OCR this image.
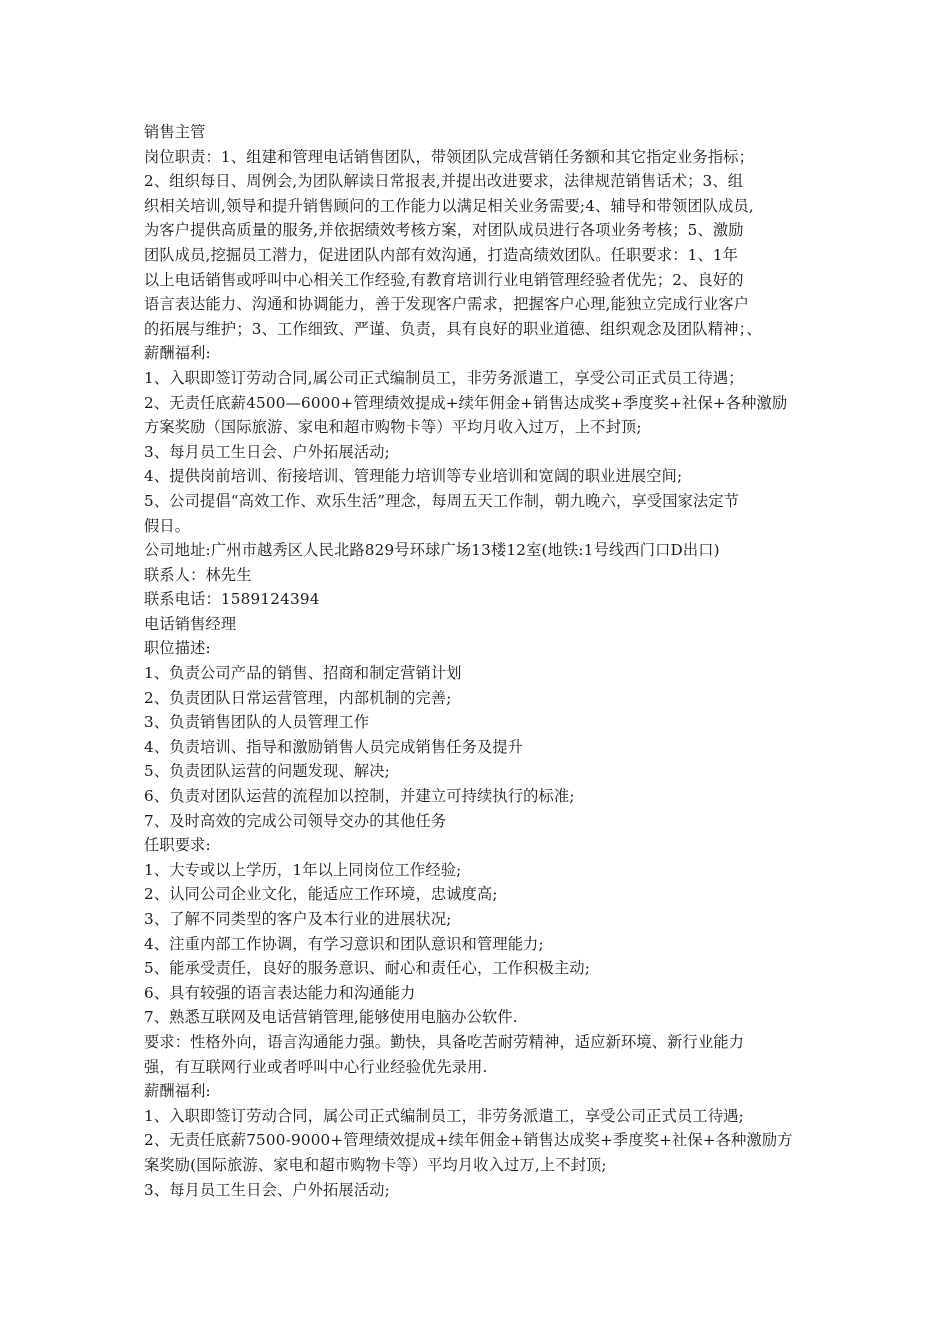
销售主管
岗位职责：1、组建和管理电话销售团队，带领团队完成营销任务额和其它指定业务指标；
2、组织每日、周例会,为团队解读日常报表,并提出改进要求，法律规范销售话术；3、组
织相关培训,领导和提升销售顾问的工作能力以满足相关业务需要;4、辅导和带领团队成员,
为客户提供高质量的服务,并依据绩效考核方案，对团队成员进行各项业务考核；5、激励
团队成员,挖掘员工潜力，促进团队内部有效沟通，打造高绩效团队。任职要求：1、1年
以上电话销售或呼叫中心相关工作经验,有教育培训行业电销管理经验者优先；2、良好的
语言表达能力、沟通和协调能力，善于发现客户需求，把握客户心理,能独立完成行业客户
的拓展与维护；3、工作细致、严谨、负责，具有良好的职业道德、组织观念及团队精神；、
薪酬福利:
1、入职即签订劳动合同,属公司正式编制员工，非劳务派遣工，享受公司正式员工待遇；
2、无责任底薪4500—6000+管理绩效提成+续年佣金+销售达成奖+季度奖+社保+各种激励
方案奖励（国际旅游、家电和超市购物卡等）平均月收入过万，上不封顶;
3、每月员工生日会、户外拓展活动;
4、提供岗前培训、衔接培训、管理能力培训等专业培训和宽阔的职业进展空间;
5、公司提倡“高效工作、欢乐生活”理念，每周五天工作制，朝九晚六，享受国家法定节
假日。
公司地址:广州市越秀区人民北路829号环球广场13楼12室(地铁:1号线西门口D出口)
联系人：林先生
联系电话：1589124394
电话销售经理
职位描述:
1、负责公司产品的销售、招商和制定营销计划
2、负责团队日常运营管理，内部机制的完善;
3、负责销售团队的人员管理工作
4、负责培训、指导和激励销售人员完成销售任务及提升
5、负责团队运营的问题发现、解决;
6、负责对团队运营的流程加以控制，并建立可持续执行的标准;
7、及时高效的完成公司领导交办的其他任务
任职要求:
1、大专或以上学历，1年以上同岗位工作经验;
2、认同公司企业文化，能适应工作环境，忠诚度高;
3、了解不同类型的客户及本行业的进展状况;
4、注重内部工作协调，有学习意识和团队意识和管理能力;
5、能承受责任，良好的服务意识、耐心和责任心，工作积极主动;
6、具有较强的语言表达能力和沟通能力
7、熟悉互联网及电话营销管理,能够使用电脑办公软件.
要求：性格外向，语言沟通能力强。勤快，具备吃苦耐劳精神，适应新环境、新行业能力
强，有互联网行业或者呼叫中心行业经验优先录用.
薪酬福利:
1、入职即签订劳动合同，属公司正式编制员工，非劳务派遣工，享受公司正式员工待遇;
2、无责任底薪7500-9000+管理绩效提成+续年佣金+销售达成奖+季度奖+社保+各种激励方
案奖励(国际旅游、家电和超市购物卡等）平均月收入过万,上不封顶;
3、每月员工生日会、户外拓展活动;
